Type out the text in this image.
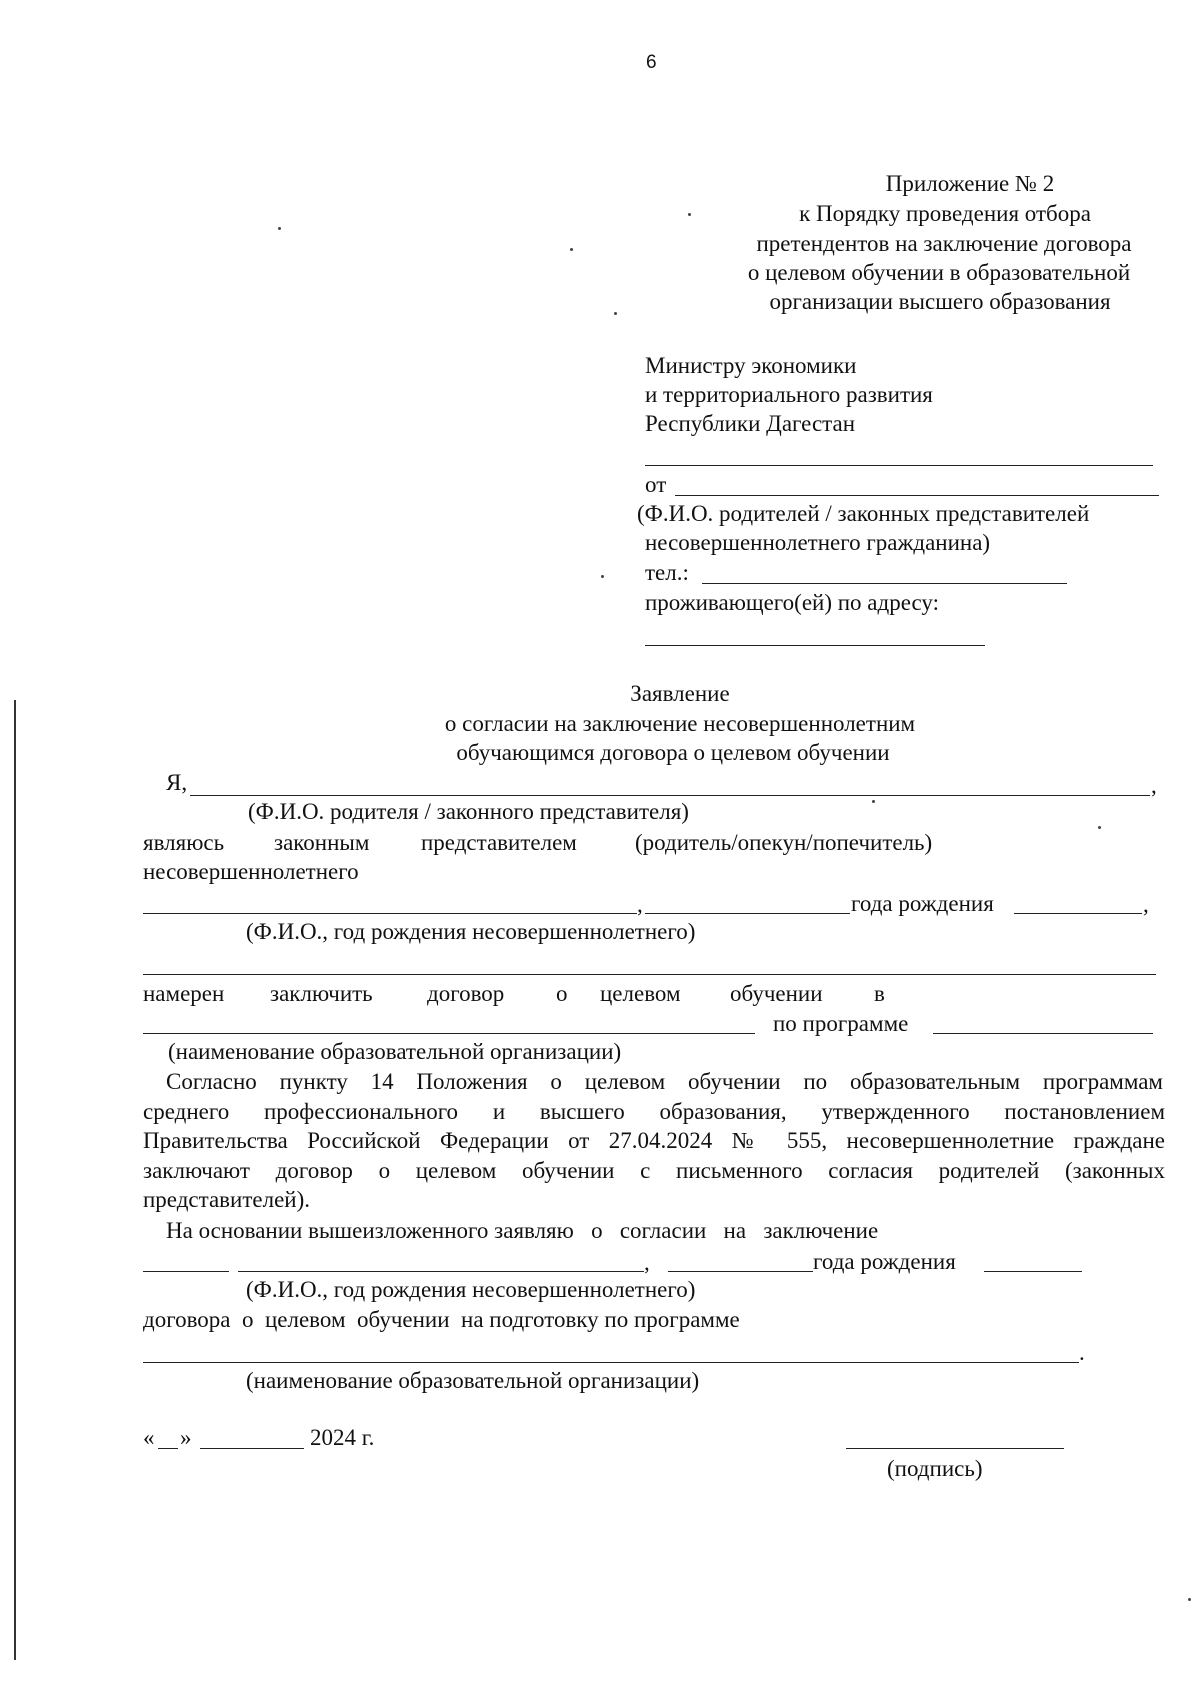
6
Приложение № 2
к Порядку проведения отбора
претендентов на заключение договора
о целевом обучении в образовательной
организации высшего образования
Министру экономики
и территориального развития
Республики Дагестан
от
(Ф.И.О. родителей / законных представителей
несовершеннолетнего гражданина)
тел.:
проживающего(ей) по адресу:
Заявление
о согласии на заключение несовершеннолетним
обучающимся договора о целевом обучении
Я,	,
(Ф.И.О. родителя / законного представителя)
являюсь законным представителем	(родитель/опекун/попечитель)
несовершеннолетнего
,	года рождения	,
(Ф.И.О., год рождения несовершеннолетнего)
намерен заключить договор о целевом обучении в
по программе
(наименование образовательной организации)
Согласно пункту 14 Положения о целевом обучении по образовательным программам
среднего профессионального и высшего образования, утвержденного постановлением
Правительства Российской Федерации от 27.04.2024 № 555, несовершеннолетние граждане
заключают договор о целевом обучении с письменного согласия родителей (законных
представителей).
На основании вышеизложенного заявляю   о   согласии   на   заключение
,	года рождения
(Ф.И.О., год рождения несовершеннолетнего)
договора  о  целевом  обучении  на подготовку по программе
.
(наименование образовательной организации)
« »	2024 г.
(подпись)
